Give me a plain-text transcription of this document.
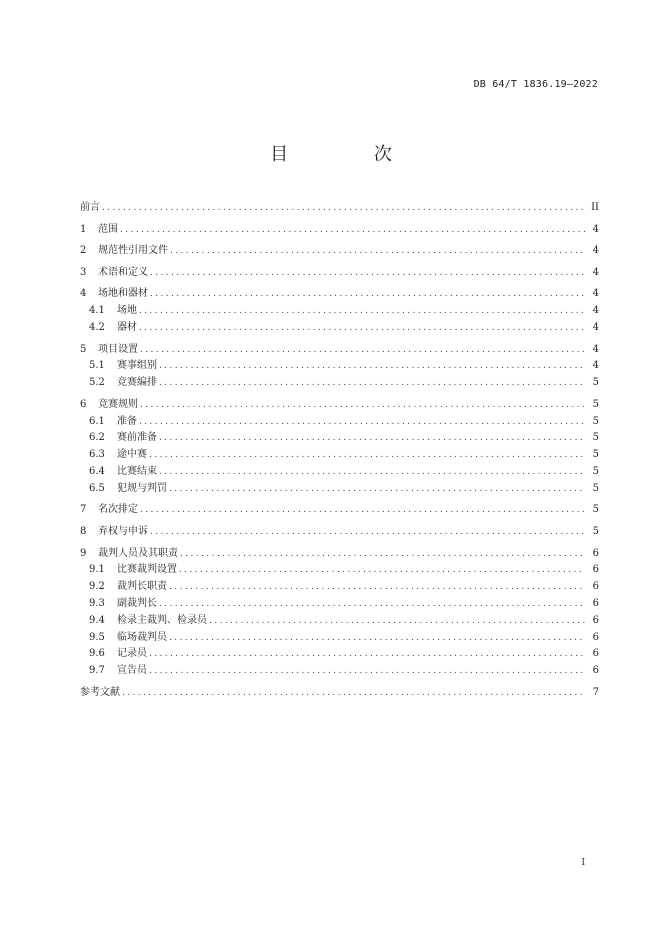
DB 64/T 1836.19—2022
目 次
前言 .....	II
1	范围 .....	4
2	规范性引用文件 .....	4
3	术语和定义 .....	4
4	场地和器材 .....	4
4.1	场地 .....	4
4.2	器材 .....	4
5	项目设置 .....	4
5.1	赛事组别 .....	4
5.2	竞赛编排 .....	5
6	竞赛规则 .....	5
6.1	准备 .....	5
6.2	赛前准备 .....	5
6.3	途中赛 .....	5
6.4	比赛结束 .....	5
6.5	犯规与判罚 .....	5
7	名次排定 .....	5
8	弃权与申诉 .....	5
9	裁判人员及其职责 .....	6
9.1	比赛裁判设置 .....	6
9.2	裁判长职责 .....	6
9.3	副裁判长 .....	6
9.4	检录主裁判、检录员 .....	6
9.5	临场裁判员 .....	6
9.6	记录员 .....	6
9.7	宣告员 .....	6
参考文献 .....	7
I
